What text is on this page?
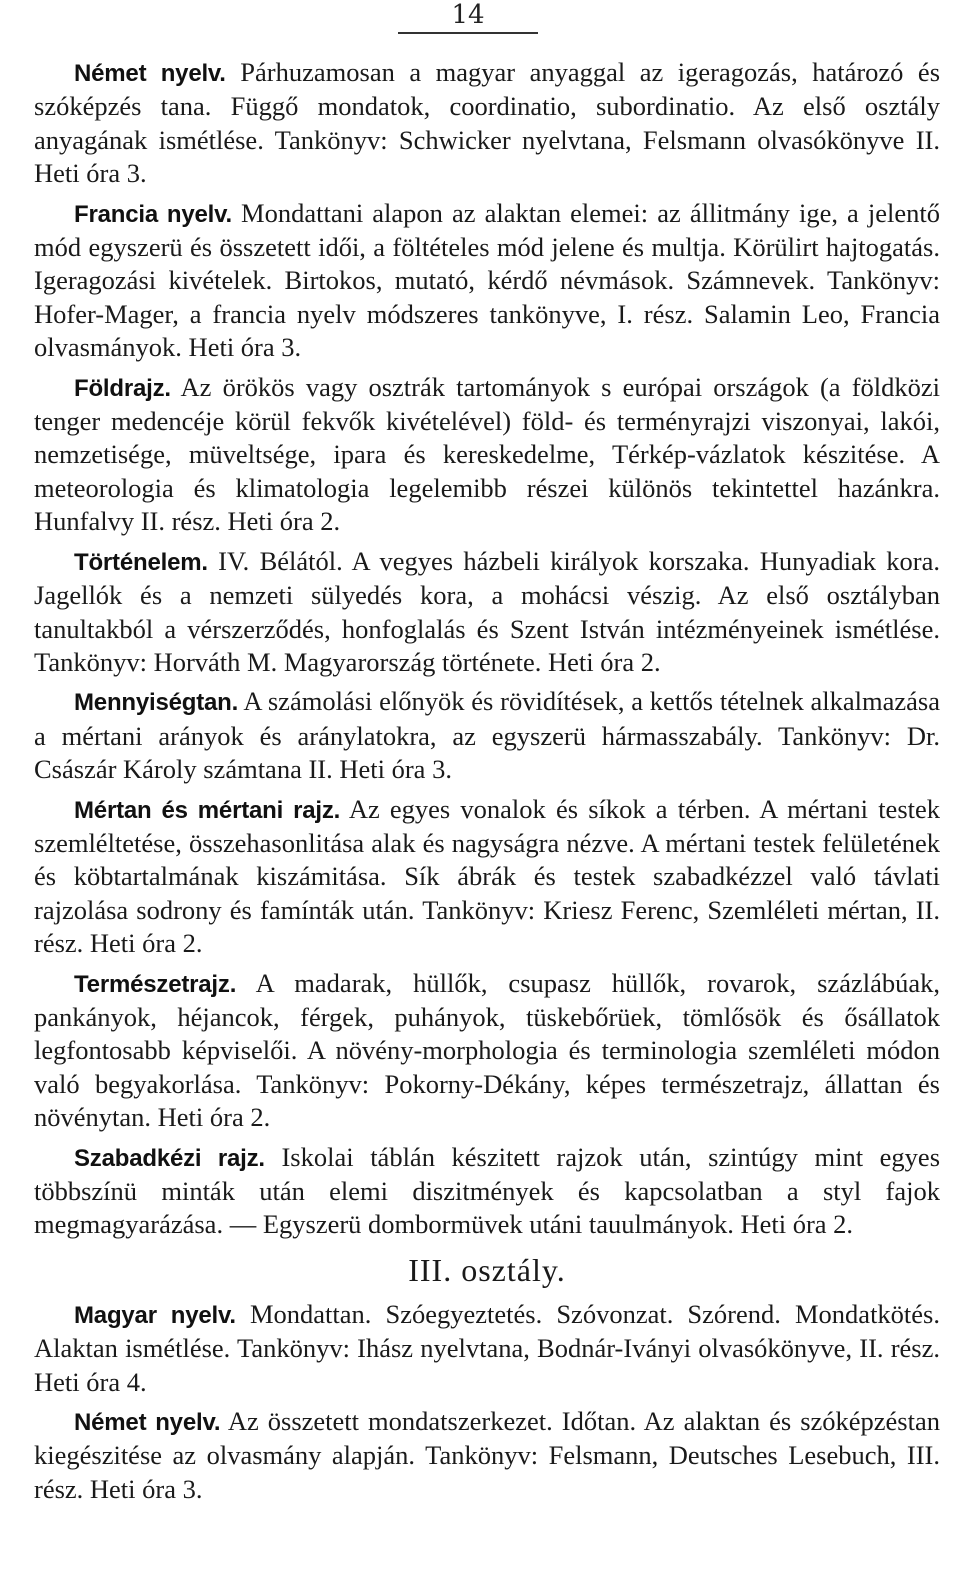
14

Német nyelv. Párhuzamosan a magyar anyaggal az igeragozás, határozó és szóképzés tana. Függő mondatok, coordinatio, subordinatio. Az első osztály anyagának ismétlése. Tankönyv: Schwicker nyelvtana, Felsmann olvasókönyve II. Heti óra 3.

Francia nyelv. Mondattani alapon az alaktan elemei: az állitmány ige, a jelentő mód egyszerü és összetett idői, a föltételes mód jelene és multja. Körülirt hajtogatás. Igeragozási kivételek. Birtokos, mutató, kérdő névmások. Számnevek. Tankönyv: Hofer-Mager, a francia nyelv módszeres tankönyve, I. rész. Salamin Leo, Francia olvasmányok. Heti óra 3.

Földrajz. Az örökös vagy osztrák tartományok s európai országok (a földközi tenger medencéje körül fekvők kivételével) föld- és terményrajzi viszonyai, lakói, nemzetisége, müveltsége, ipara és kereskedelme, Térkép-vázlatok készitése. A meteorologia és klimatologia legelemibb részei különös tekintettel hazánkra. Hunfalvy II. rész. Heti óra 2.

Történelem. IV. Bélától. A vegyes házbeli királyok korszaka. Hunyadiak kora. Jagellók és a nemzeti sülyedés kora, a mohácsi vészig. Az első osztályban tanultakból a vérszerződés, honfoglalás és Szent István intézményeinek ismétlése. Tankönyv: Horváth M. Magyarország története. Heti óra 2.

Mennyiségtan. A számolási előnyök és rövidítések, a kettős tételnek alkalmazása a mértani arányok és aránylatokra, az egyszerü hármasszabály. Tankönyv: Dr. Császár Károly számtana II. Heti óra 3.

Mértan és mértani rajz. Az egyes vonalok és síkok a térben. A mértani testek szemléltetése, összehasonlitása alak és nagyságra nézve. A mértani testek felületének és köbtartalmának kiszámitása. Sík ábrák és testek szabadkézzel való távlati rajzolása sodrony és famínták után. Tankönyv: Kriesz Ferenc, Szemléleti mértan, II. rész. Heti óra 2.

Természetrajz. A madarak, hüllők, csupasz hüllők, rovarok, százlábúak, pankányok, héjancok, férgek, puhányok, tüskebőrüek, tömlősök és ősállatok legfontosabb képviselői. A növény-morphologia és terminologia szemléleti módon való begyakorlása. Tankönyv: Pokorny-Dékány, képes természetrajz, állattan és növénytan. Heti óra 2.

Szabadkézi rajz. Iskolai táblán készitett rajzok után, szintúgy mint egyes többszínü minták után elemi diszitmények és kapcsolatban a styl fajok megmagyarázása. — Egyszerü dombormüvek utáni tauulmányok. Heti óra 2.

III. osztály.

Magyar nyelv. Mondattan. Szóegyeztetés. Szóvonzat. Szórend. Mondatkötés. Alaktan ismétlése. Tankönyv: Ihász nyelvtana, Bodnár-Iványi olvasókönyve, II. rész. Heti óra 4.

Német nyelv. Az összetett mondatszerkezet. Időtan. Az alaktan és szóképzéstan kiegészitése az olvasmány alapján. Tankönyv: Felsmann, Deutsches Lesebuch, III. rész. Heti óra 3.
